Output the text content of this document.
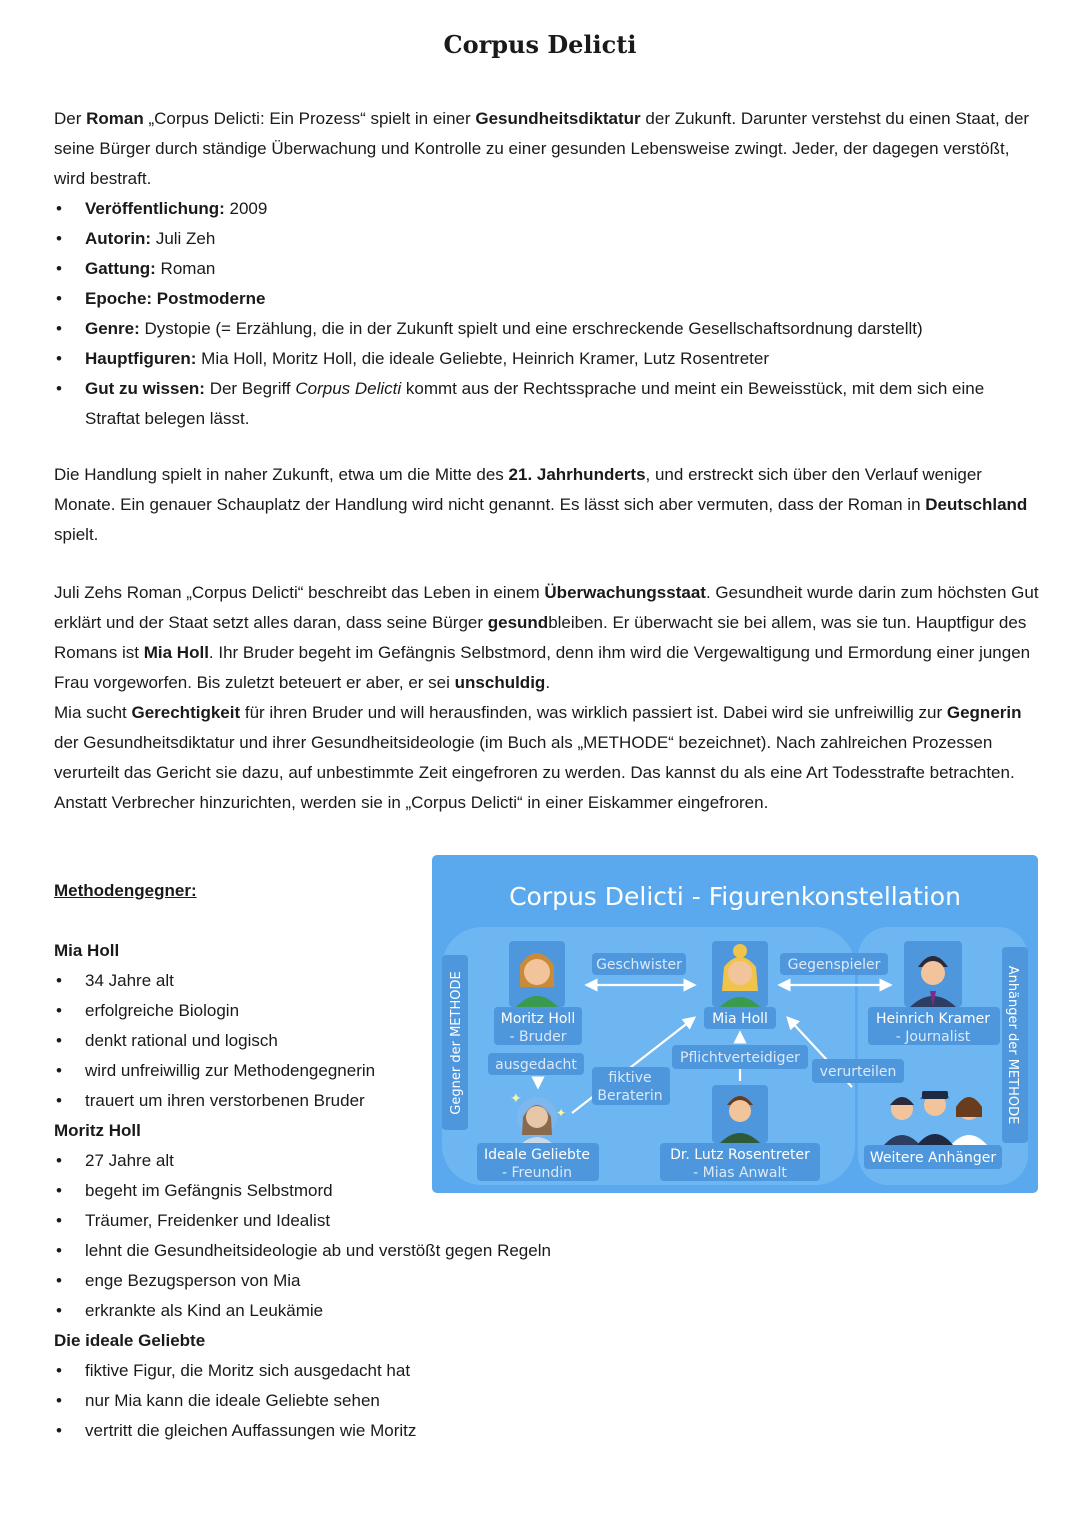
Corpus Delicti

Der Roman „Corpus Delicti: Ein Prozess“ spielt in einer Gesundheitsdiktatur der Zukunft. Darunter verstehst du einen Staat, der seine Bürger durch ständige Überwachung und Kontrolle zu einer gesunden Lebensweise zwingt. Jeder, der dagegen verstößt, wird bestraft.

• Veröffentlichung: 2009
• Autorin: Juli Zeh
• Gattung: Roman
• Epoche: Postmoderne
• Genre: Dystopie (= Erzählung, die in der Zukunft spielt und eine erschreckende Gesellschaftsordnung darstellt)
• Hauptfiguren: Mia Holl, Moritz Holl, die ideale Geliebte, Heinrich Kramer, Lutz Rosentreter
• Gut zu wissen: Der Begriff Corpus Delicti kommt aus der Rechtssprache und meint ein Beweisstück, mit dem sich eine Straftat belegen lässt.

Die Handlung spielt in naher Zukunft, etwa um die Mitte des 21. Jahrhunderts, und erstreckt sich über den Verlauf weniger Monate. Ein genauer Schauplatz der Handlung wird nicht genannt. Es lässt sich aber vermuten, dass der Roman in Deutschland spielt.

Juli Zehs Roman „Corpus Delicti“ beschreibt das Leben in einem Überwachungsstaat. Gesundheit wurde darin zum höchsten Gut erklärt und der Staat setzt alles daran, dass seine Bürger gesundbleiben. Er überwacht sie bei allem, was sie tun. Hauptfigur des Romans ist Mia Holl. Ihr Bruder begeht im Gefängnis Selbstmord, denn ihm wird die Vergewaltigung und Ermordung einer jungen Frau vorgeworfen. Bis zuletzt beteuert er aber, er sei unschuldig.

Mia sucht Gerechtigkeit für ihren Bruder und will herausfinden, was wirklich passiert ist. Dabei wird sie unfreiwillig zur Gegnerin der Gesundheitsdiktatur und ihrer Gesundheitsideologie (im Buch als „METHODE“ bezeichnet). Nach zahlreichen Prozessen verurteilt das Gericht sie dazu, auf unbestimmte Zeit eingefroren zu werden. Das kannst du als eine Art Todesstrafte betrachten. Anstatt Verbrecher hinzurichten, werden sie in „Corpus Delicti“ in einer Eiskammer eingefroren.

Methodengegner:
Mia Holl
• 34 Jahre alt
• erfolgreiche Biologin
• denkt rational und logisch
• wird unfreiwillig zur Methodengegnerin
• trauert um ihren verstorbenen Bruder
Moritz Holl
• 27 Jahre alt
• begeht im Gefängnis Selbstmord
• Träumer, Freidenker und Idealist
• lehnt die Gesundheitsideologie ab und verstößt gegen Regeln
• enge Bezugsperson von Mia
• erkrankte als Kind an Leukämie
Die ideale Geliebte
• fiktive Figur, die Moritz sich ausgedacht hat
• nur Mia kann die ideale Geliebte sehen
• vertritt die gleichen Auffassungen wie Moritz
Corpus Delicti - Figurenkonstellation
Gegner der METHODE	Anhänger der METHODE
Moritz Holl
- Bruder
Mia Holl	Heinrich Kramer
- Journalist
✦
✦
Ideale Geliebte
- Freundin
Dr. Lutz Rosentreter
- Mias Anwalt
Weitere Anhänger
Geschwister	Gegenspieler
ausgedacht
fiktive
Beraterin
Pflichtverteidiger
verurteilen
